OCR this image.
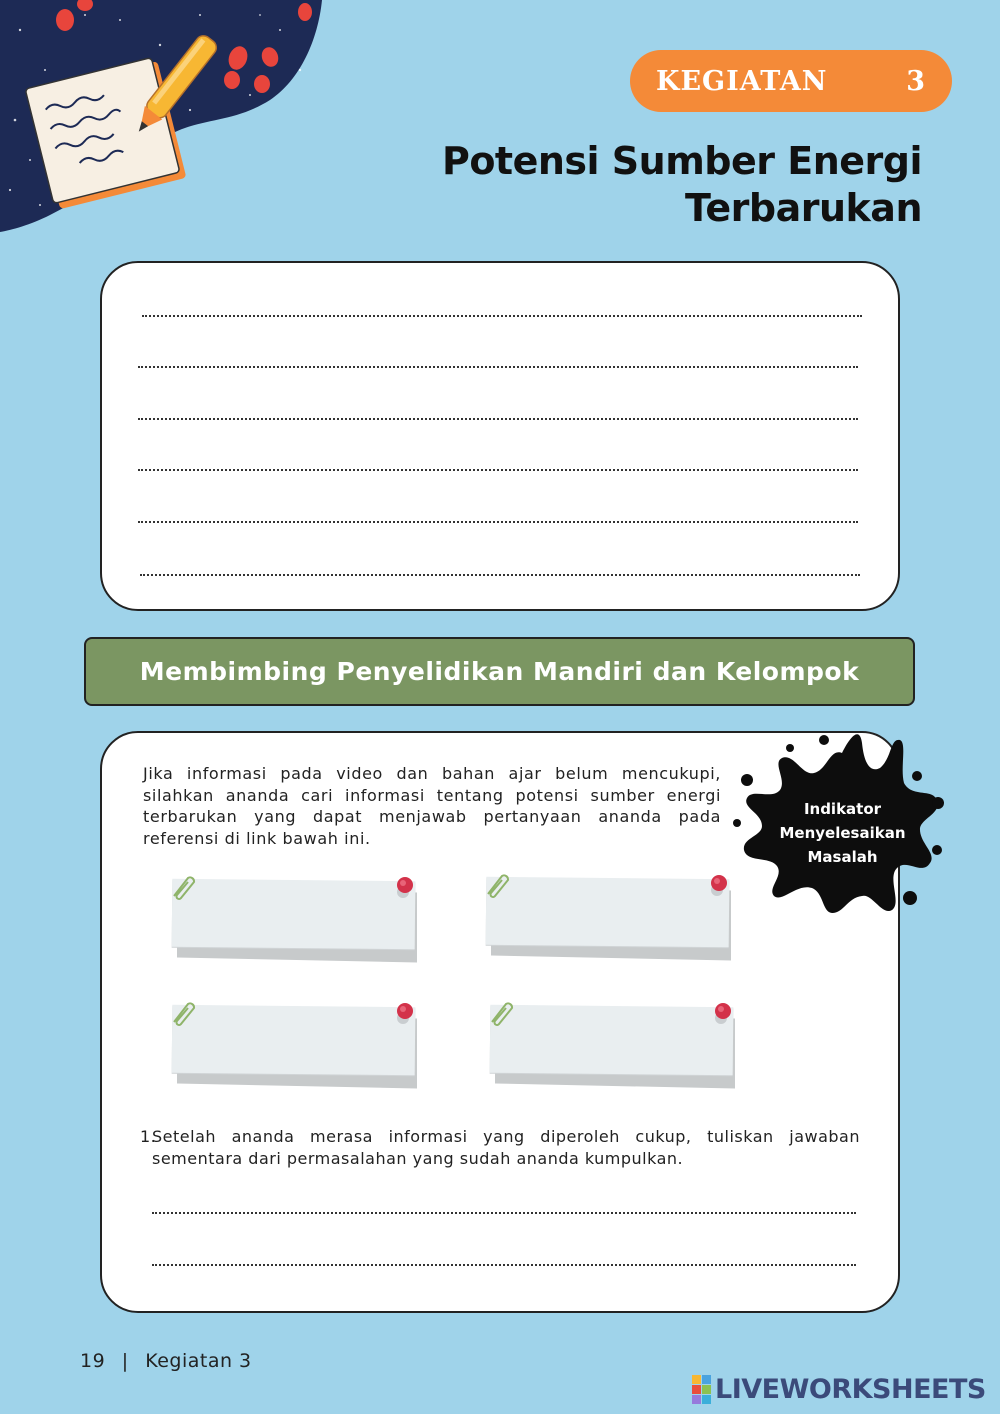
KEGIATAN	3
Potensi Sumber Energi
Terbarukan
Membimbing Penyelidikan Mandiri dan Kelompok
Jika informasi pada video dan bahan ajar belum mencukupi, silahkan ananda cari informasi tentang potensi sumber energi terbarukan yang dapat menjawab pertanyaan ananda pada referensi di link bawah ini.
Indikator
Menyelesaikan
Masalah
1.
Setelah ananda merasa informasi yang diperoleh cukup, tuliskan jawaban sementara dari permasalahan yang sudah ananda kumpulkan.
19 | Kegiatan 3
LIVEWORKSHEETS
